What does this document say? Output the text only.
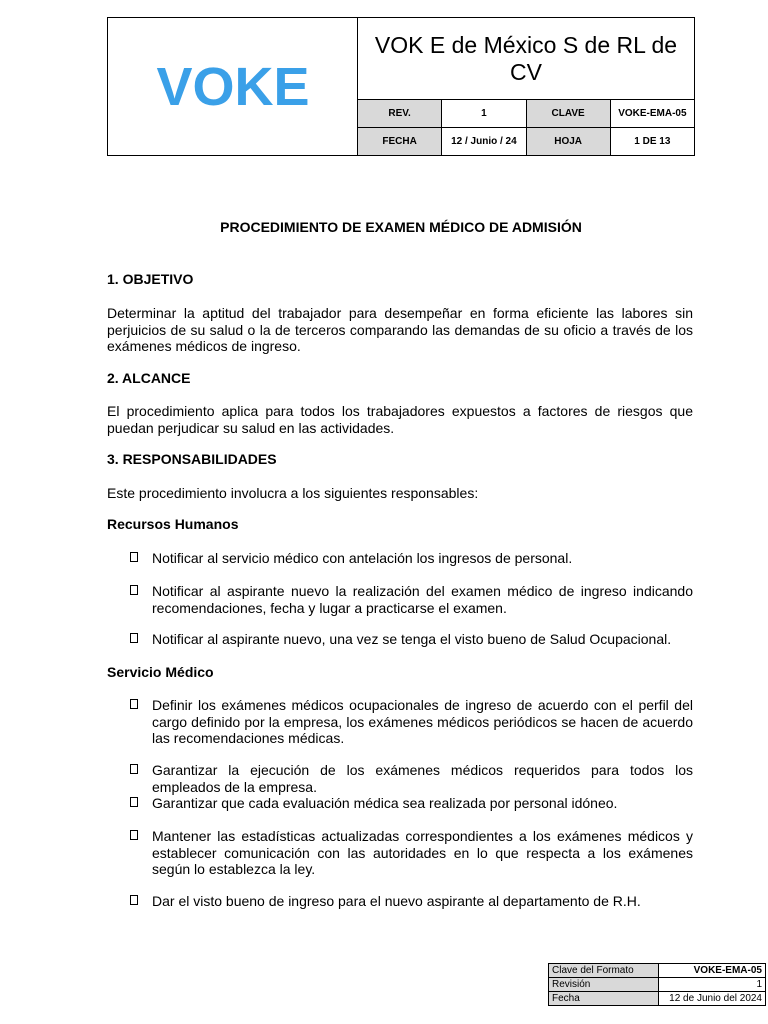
VOKE	VOK E de México S de RL de CV			
	REV.	1	CLAVE	VOKE-EMA-05
	FECHA	12 / Junio / 24	HOJA	1 DE 13
PROCEDIMIENTO DE EXAMEN MÉDICO DE ADMISIÓN
1. OBJETIVO
Determinar la aptitud del trabajador para desempeñar en forma eficiente las labores sin perjuicios de su salud o la de terceros comparando las demandas de su oficio a través de los exámenes médicos de ingreso.
2. ALCANCE
El procedimiento aplica para todos los trabajadores expuestos a factores de riesgos que puedan perjudicar su salud en las actividades.
3. RESPONSABILIDADES
Este procedimiento involucra a los siguientes responsables:
Recursos Humanos
Notificar al servicio médico con antelación los ingresos de personal.
Notificar al aspirante nuevo la realización del examen médico de ingreso indicando recomendaciones, fecha y lugar a practicarse el examen.
Notificar al aspirante nuevo, una vez se tenga el visto bueno de Salud Ocupacional.
Servicio Médico
Definir los exámenes médicos ocupacionales de ingreso de acuerdo con el perfil del cargo definido por la empresa, los exámenes médicos periódicos se hacen de acuerdo las recomendaciones médicas.
Garantizar la ejecución de los exámenes médicos requeridos para todos los empleados de la empresa.
Garantizar que cada evaluación médica sea realizada por personal idóneo.
Mantener las estadísticas actualizadas correspondientes a los exámenes médicos y establecer comunicación con las autoridades en lo que respecta a los exámenes según lo establezca la ley.
Dar el visto bueno de ingreso para el nuevo aspirante al departamento de R.H.
Clave del Formato	VOKE-EMA-05
Revisión	1
Fecha	12 de Junio del 2024
